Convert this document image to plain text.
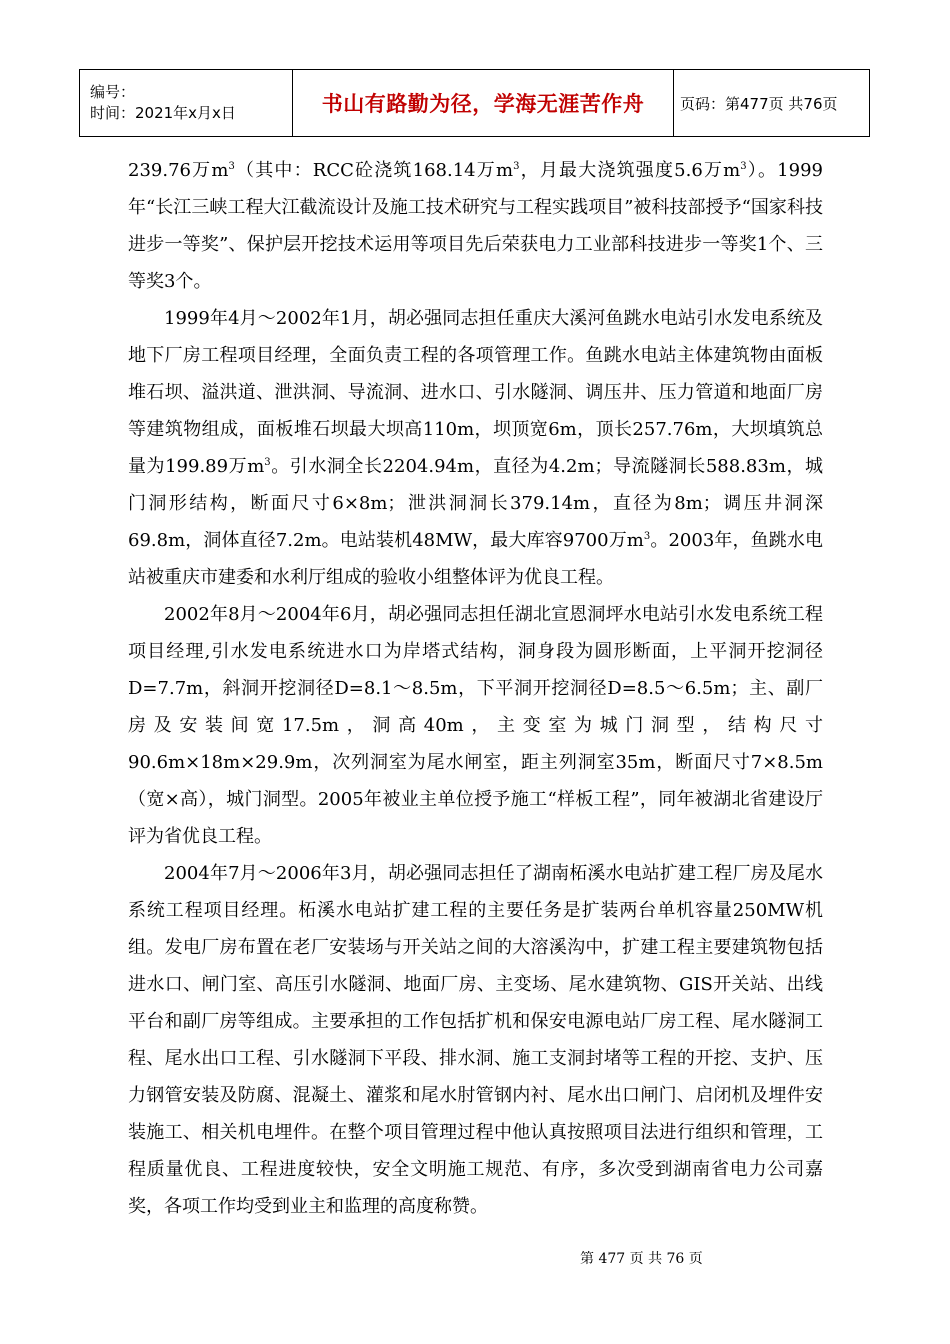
编号：
时间：2021年x月x日	书山有路勤为径，学海无涯苦作舟	页码：第477页 共76页

239.76万$m^3$（其中：RCC砼浇筑168.14万$m^3$，月最大浇筑强度5.6万$m^3$）。1999年“长江三峡工程大江截流设计及施工技术研究与工程实践项目”被科技部授予“国家科技进步一等奖”、保护层开挖技术运用等项目先后荣获电力工业部科技进步一等奖1个、三等奖3个。

1999年4月～2002年1月，胡必强同志担任重庆大溪河鱼跳水电站引水发电系统及地下厂房工程项目经理，全面负责工程的各项管理工作。鱼跳水电站主体建筑物由面板堆石坝、溢洪道、泄洪洞、导流洞、进水口、引水隧洞、调压井、压力管道和地面厂房等建筑物组成，面板堆石坝最大坝高110m，坝顶宽6m，顶长257.76m，大坝填筑总量为199.89万$m^3$。引水洞全长2204.94m，直径为4.2m；导流隧洞长588.83m，城门洞形结构，断面尺寸6×8m；泄洪洞洞长379.14m，直径为8m；调压井洞深69.8m，洞体直径7.2m。电站装机48MW，最大库容9700万$m^3$。2003年，鱼跳水电站被重庆市建委和水利厅组成的验收小组整体评为优良工程。

2002年8月～2004年6月，胡必强同志担任湖北宣恩洞坪水电站引水发电系统工程项目经理,引水发电系统进水口为岸塔式结构，洞身段为圆形断面，上平洞开挖洞径D=7.7m，斜洞开挖洞径D=8.1～8.5m，下平洞开挖洞径D=8.5～6.5m；主、副厂房及安装间宽17.5m，洞高40m，主变室为城门洞型，结构尺寸90.6m×18m×29.9m，次列洞室为尾水闸室，距主列洞室35m，断面尺寸7×8.5m（宽×高），城门洞型。2005年被业主单位授予施工“样板工程”，同年被湖北省建设厅评为省优良工程。

2004年7月～2006年3月，胡必强同志担任了湖南柘溪水电站扩建工程厂房及尾水系统工程项目经理。柘溪水电站扩建工程的主要任务是扩装两台单机容量250MW机组。发电厂房布置在老厂安装场与开关站之间的大溶溪沟中，扩建工程主要建筑物包括进水口、闸门室、高压引水隧洞、地面厂房、主变场、尾水建筑物、GIS开关站、出线平台和副厂房等组成。主要承担的工作包括扩机和保安电源电站厂房工程、尾水隧洞工程、尾水出口工程、引水隧洞下平段、排水洞、施工支洞封堵等工程的开挖、支护、压力钢管安装及防腐、混凝土、灌浆和尾水肘管钢内衬、尾水出口闸门、启闭机及埋件安装施工、相关机电埋件。在整个项目管理过程中他认真按照项目法进行组织和管理，工程质量优良、工程进度较快，安全文明施工规范、有序，多次受到湖南省电力公司嘉奖，各项工作均受到业主和监理的高度称赞。

第 477 页 共 76 页
